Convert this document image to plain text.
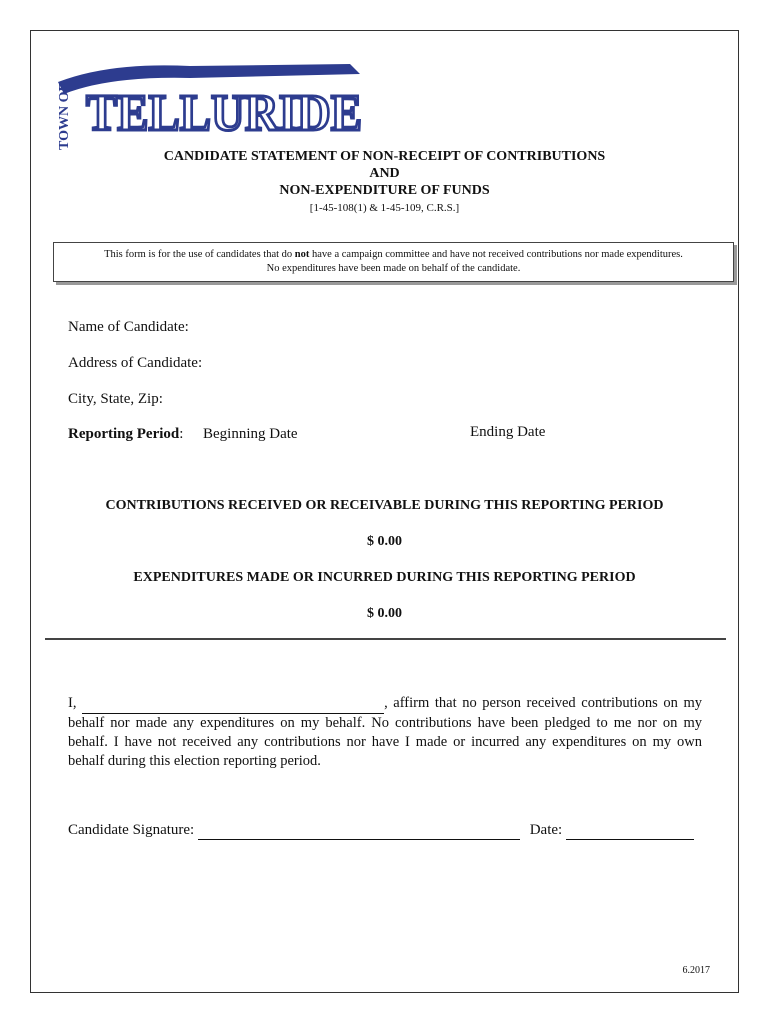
TOWN OF TELLURIDE
CANDIDATE STATEMENT OF NON-RECEIPT OF CONTRIBUTIONS
AND
NON-EXPENDITURE OF FUNDS
[1-45-108(1) & 1-45-109, C.R.S.]
This form is for the use of candidates that do not have a campaign committee and have not received contributions nor made expenditures.
No expenditures have been made on behalf of the candidate.
Name of Candidate:
Address of Candidate:
City, State, Zip:
Reporting Period: Beginning Date	Ending Date
CONTRIBUTIONS RECEIVED OR RECEIVABLE DURING THIS REPORTING PERIOD
$ 0.00
EXPENDITURES MADE OR INCURRED DURING THIS REPORTING PERIOD
$ 0.00
I,	, affirm that no person received contributions on my behalf nor made any expenditures on my behalf. No contributions have been pledged to me nor on my behalf. I have not received any contributions nor have I made or incurred any expenditures on my own behalf during this election reporting period.
Candidate Signature:	Date:
6.2017
